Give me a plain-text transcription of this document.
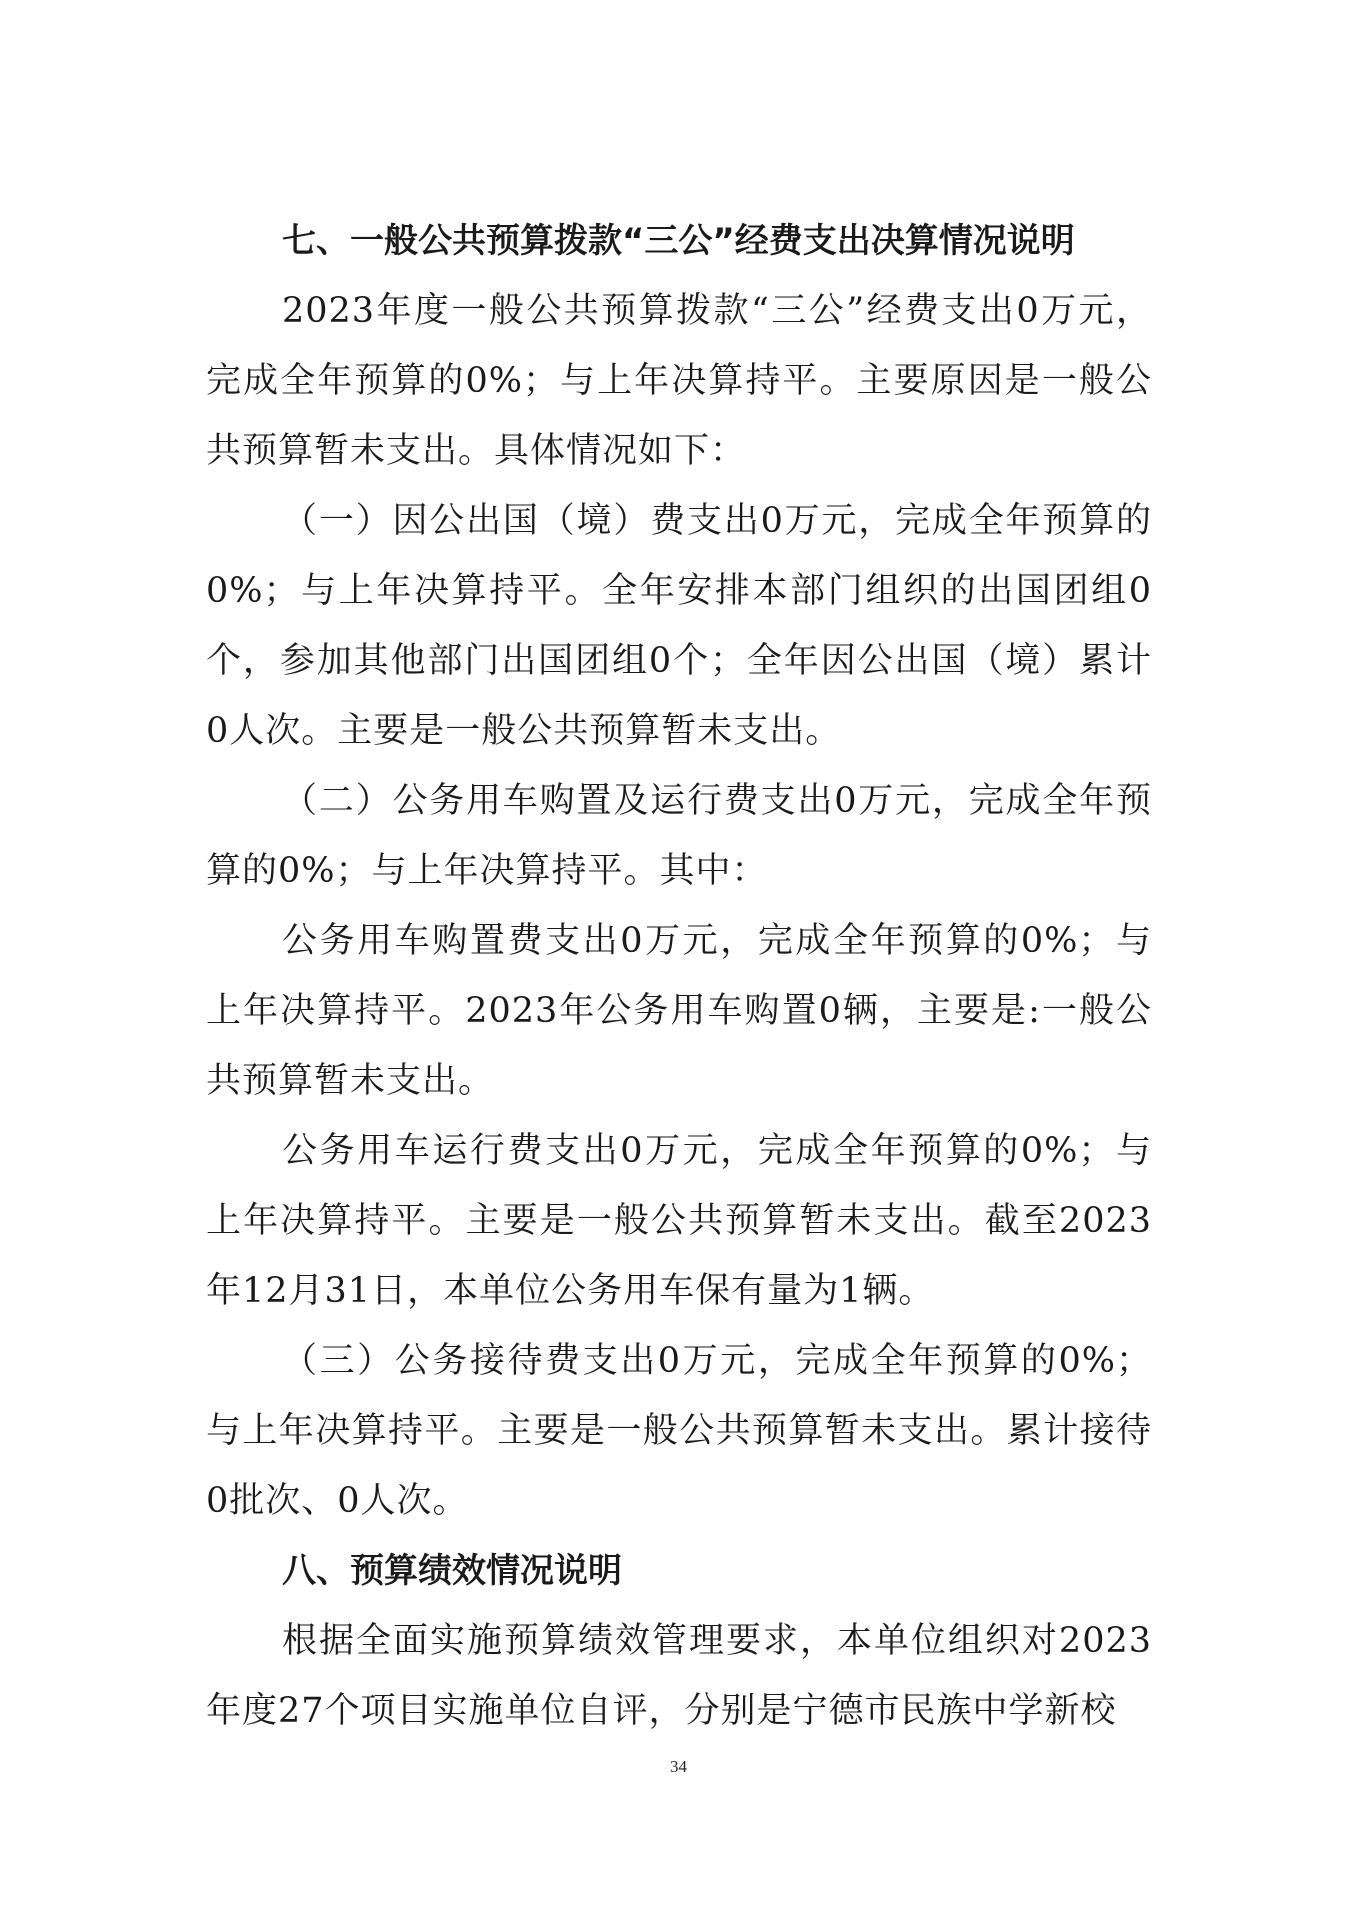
七、一般公共预算拨款“三公”经费支出决算情况说明

2023年度一般公共预算拨款“三公”经费支出0万元，完成全年预算的0%；与上年决算持平。主要原因是一般公共预算暂未支出。具体情况如下：

（一）因公出国（境）费支出0万元，完成全年预算的0%；与上年决算持平。全年安排本部门组织的出国团组0个，参加其他部门出国团组0个；全年因公出国（境）累计0人次。主要是一般公共预算暂未支出。

（二）公务用车购置及运行费支出0万元，完成全年预算的0%；与上年决算持平。其中：

公务用车购置费支出0万元，完成全年预算的0%；与上年决算持平。2023年公务用车购置0辆，主要是:一般公共预算暂未支出。

公务用车运行费支出0万元，完成全年预算的0%；与上年决算持平。主要是一般公共预算暂未支出。截至2023年12月31日，本单位公务用车保有量为1辆。

（三）公务接待费支出0万元，完成全年预算的0%；与上年决算持平。主要是一般公共预算暂未支出。累计接待0批次、0人次。

八、预算绩效情况说明

根据全面实施预算绩效管理要求，本单位组织对2023年度27个项目实施单位自评，分别是宁德市民族中学新校

34
